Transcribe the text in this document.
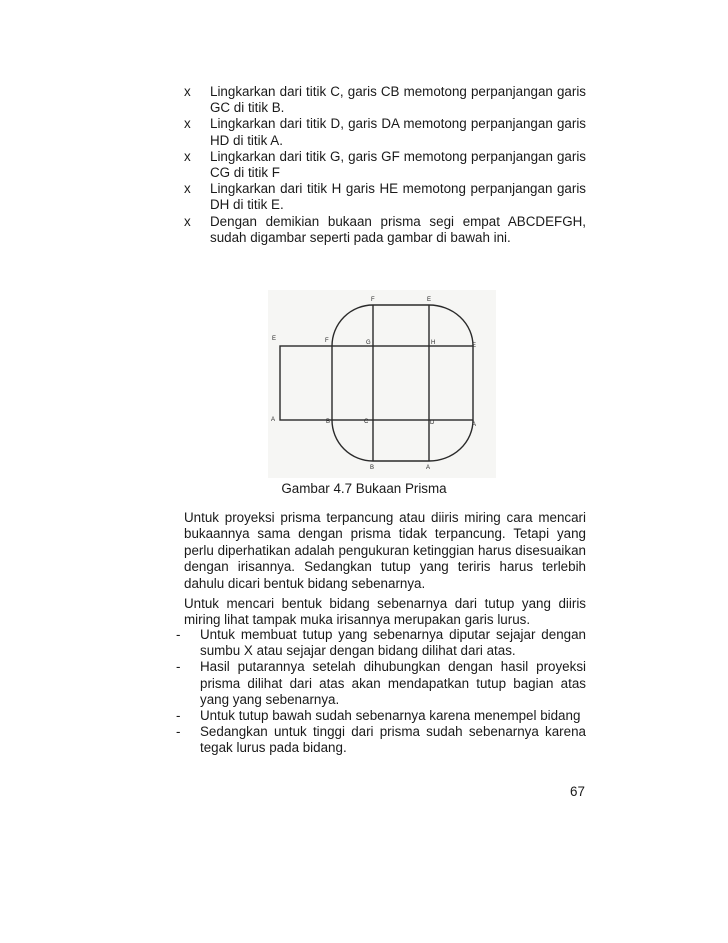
x Lingkarkan dari titik C, garis CB memotong perpanjangan garis GC di titik B.

x Lingkarkan dari titik D, garis DA memotong perpanjangan garis HD di titik A.

x Lingkarkan dari titik G, garis GF memotong perpanjangan garis CG di titik F

x Lingkarkan dari titik H garis HE memotong perpanjangan garis DH di titik E.

x Dengan demikian bukaan prisma segi empat ABCDEFGH, sudah digambar seperti pada gambar di bawah ini.

F	E
E	F	G	H	E
A	B	C	D	A
B	A
Gambar 4.7 Bukaan Prisma

Untuk proyeksi prisma terpancung atau diiris miring cara mencari bukaannya sama dengan prisma tidak terpancung. Tetapi yang perlu diperhatikan adalah pengukuran ketinggian harus disesuaikan dengan irisannya. Sedangkan tutup yang teriris harus terlebih dahulu dicari bentuk bidang sebenarnya.

Untuk mencari bentuk bidang sebenarnya dari tutup yang diiris miring lihat tampak muka irisannya merupakan garis lurus.

- Untuk membuat tutup yang sebenarnya diputar sejajar dengan sumbu X atau sejajar dengan bidang dilihat dari atas.

- Hasil putarannya setelah dihubungkan dengan hasil proyeksi prisma dilihat dari atas akan mendapatkan tutup bagian atas yang yang sebenarnya.

- Untuk tutup bawah sudah sebenarnya karena menempel bidang

- Sedangkan untuk tinggi dari prisma sudah sebenarnya karena tegak lurus pada bidang.

67
